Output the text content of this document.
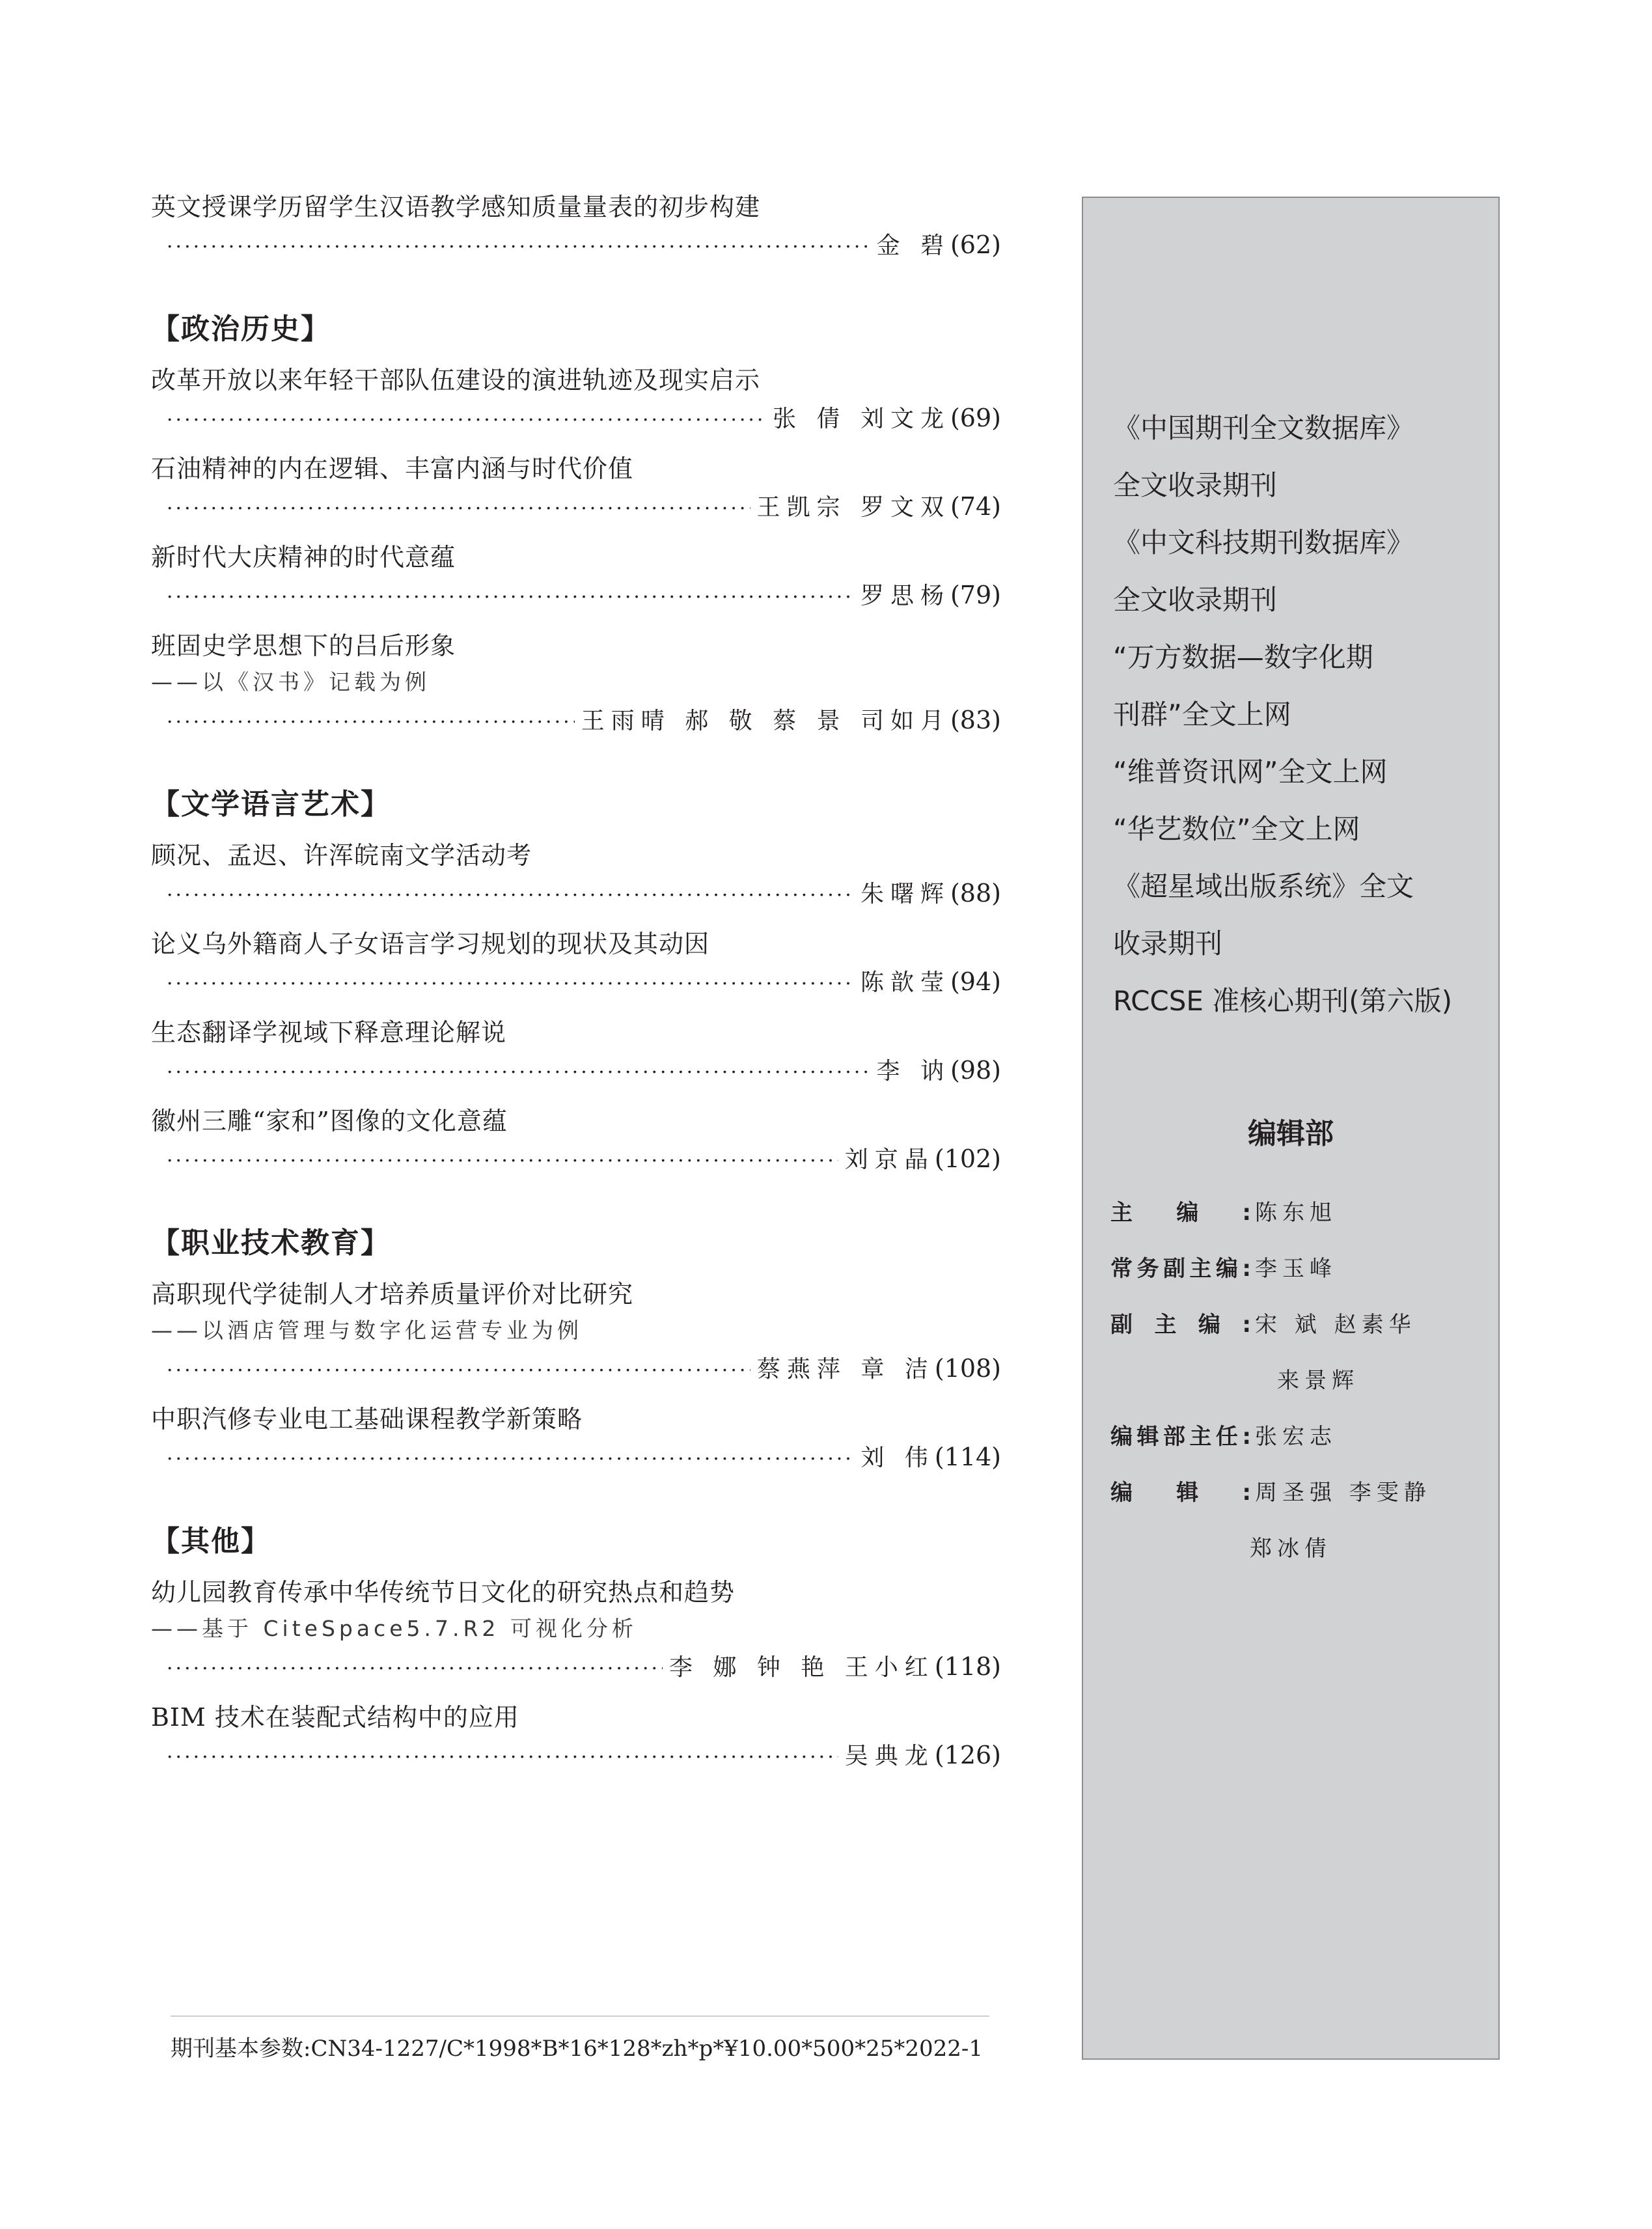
英文授课学历留学生汉语教学感知质量量表的初步构建
·····
金 碧 (62)
【政治历史】
改革开放以来年轻干部队伍建设的演进轨迹及现实启示
·····
张 倩 刘文龙 (69)
石油精神的内在逻辑、丰富内涵与时代价值
·····
王凯宗 罗文双 (74)
新时代大庆精神的时代意蕴
·····
罗思杨 (79)
班固史学思想下的吕后形象
——以《汉书》记载为例
·····
王雨晴 郝 敬 蔡 景 司如月 (83)
【文学语言艺术】
顾况、孟迟、许浑皖南文学活动考
·····
朱曙辉 (88)
论义乌外籍商人子女语言学习规划的现状及其动因
·····
陈歆莹 (94)
生态翻译学视域下释意理论解说
·····
李 讷 (98)
徽州三雕“家和”图像的文化意蕴
·····
刘京晶 (102)
【职业技术教育】
高职现代学徒制人才培养质量评价对比研究
——以酒店管理与数字化运营专业为例
·····
蔡燕萍 章 洁 (108)
中职汽修专业电工基础课程教学新策略
·····
刘 伟 (114)
【其他】
幼儿园教育传承中华传统节日文化的研究热点和趋势
——基于 CiteSpace5.7.R2 可视化分析
·····
李 娜 钟 艳 王小红 (118)
BIM 技术在装配式结构中的应用
·····
吴典龙 (126)
期刊基本参数:CN34-1227/C*1998*B*16*128*zh*p*¥10.00*500*25*2022-1
《中国期刊全文数据库》
全文收录期刊
《中文科技期刊数据库》
全文收录期刊
“万方数据—数字化期
刊群”全文上网
“维普资讯网”全文上网
“华艺数位”全文上网
《超星域出版系统》全文
收录期刊
RCCSE 准核心期刊(第六版)
编辑部
主 编 : 陈东旭
常 务 副 主 编 : 李玉峰
副 主 编 : 宋 斌 赵素华
来景辉
编 辑 部 主 任 : 张宏志
编 辑 : 周圣强 李雯静
郑冰倩
